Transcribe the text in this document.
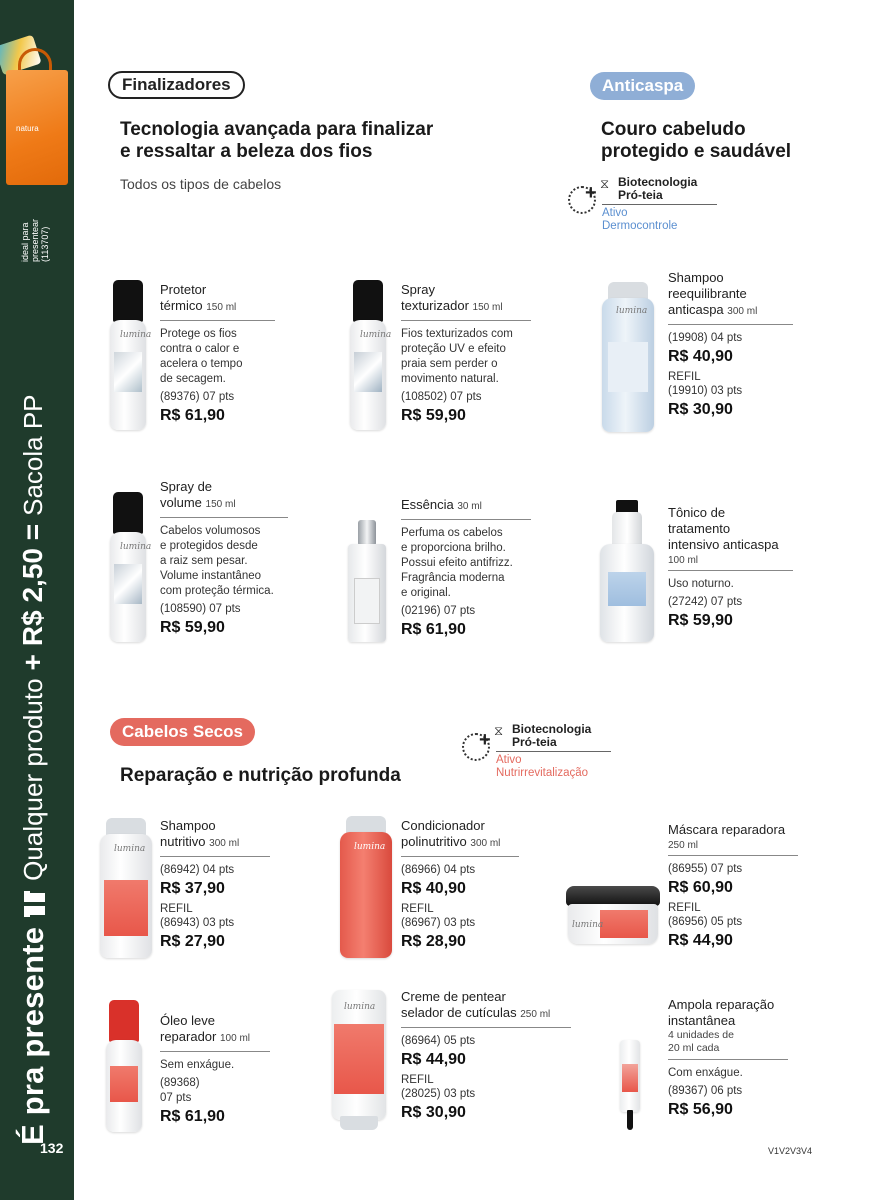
natura
ideal para presentear (113707)
É pra presente
Qualquer produto
+
R$ 2,50 =
Sacola PP
132
Finalizadores
Tecnologia avançada para finalizar
e ressaltar a beleza dos fios
Todos os tipos de cabelos
Anticaspa
Couro cabeludo
protegido e saudável
+ ⧖ Biotecnologia
Pró-teia
Ativo
Dermocontrole
lumina
Protetor
térmico 150 ml
Protege os fios
contra o calor e
acelera o tempo
de secagem.
(89376) 07 pts
R$ 61,90
lumina
Spray
texturizador 150 ml
Fios texturizados com
proteção UV e efeito
praia sem perder o
movimento natural.
(108502) 07 pts
R$ 59,90
lumina
Shampoo
reequilibrante
anticaspa 300 ml
(19908) 04 pts
R$ 40,90
REFIL
(19910) 03 pts
R$ 30,90
lumina
Spray de
volume 150 ml
Cabelos volumosos
e protegidos desde
a raiz sem pesar.
Volume instantâneo
com proteção térmica.
(108590) 07 pts
R$ 59,90
Essência 30 ml
Perfuma os cabelos
e proporciona brilho.
Possui efeito antifrizz.
Fragrância moderna
e original.
(02196) 07 pts
R$ 61,90
Tônico de
tratamento
intensivo anticaspa
100 ml
Uso noturno.
(27242) 07 pts
R$ 59,90
Cabelos Secos
Reparação e nutrição profunda
+ ⧖ Biotecnologia
Pró-teia
Ativo
Nutrirrevitalização
lumina
Shampoo
nutritivo 300 ml
(86942) 04 pts
R$ 37,90
REFIL
(86943) 03 pts
R$ 27,90
lumina
Condicionador
polinutritivo 300 ml
(86966) 04 pts
R$ 40,90
REFIL
(86967) 03 pts
R$ 28,90
lumina
Máscara reparadora
250 ml
(86955) 07 pts
R$ 60,90
REFIL
(86956) 05 pts
R$ 44,90
Óleo leve
reparador 100 ml
Sem enxágue.
(89368)
07 pts
R$ 61,90
lumina
Creme de pentear
selador de cutículas 250 ml
(86964) 05 pts
R$ 44,90
REFIL
(28025) 03 pts
R$ 30,90
Ampola reparação
instantânea
4 unidades de
20 ml cada
Com enxágue.
(89367) 06 pts
R$ 56,90
V1V2V3V4
